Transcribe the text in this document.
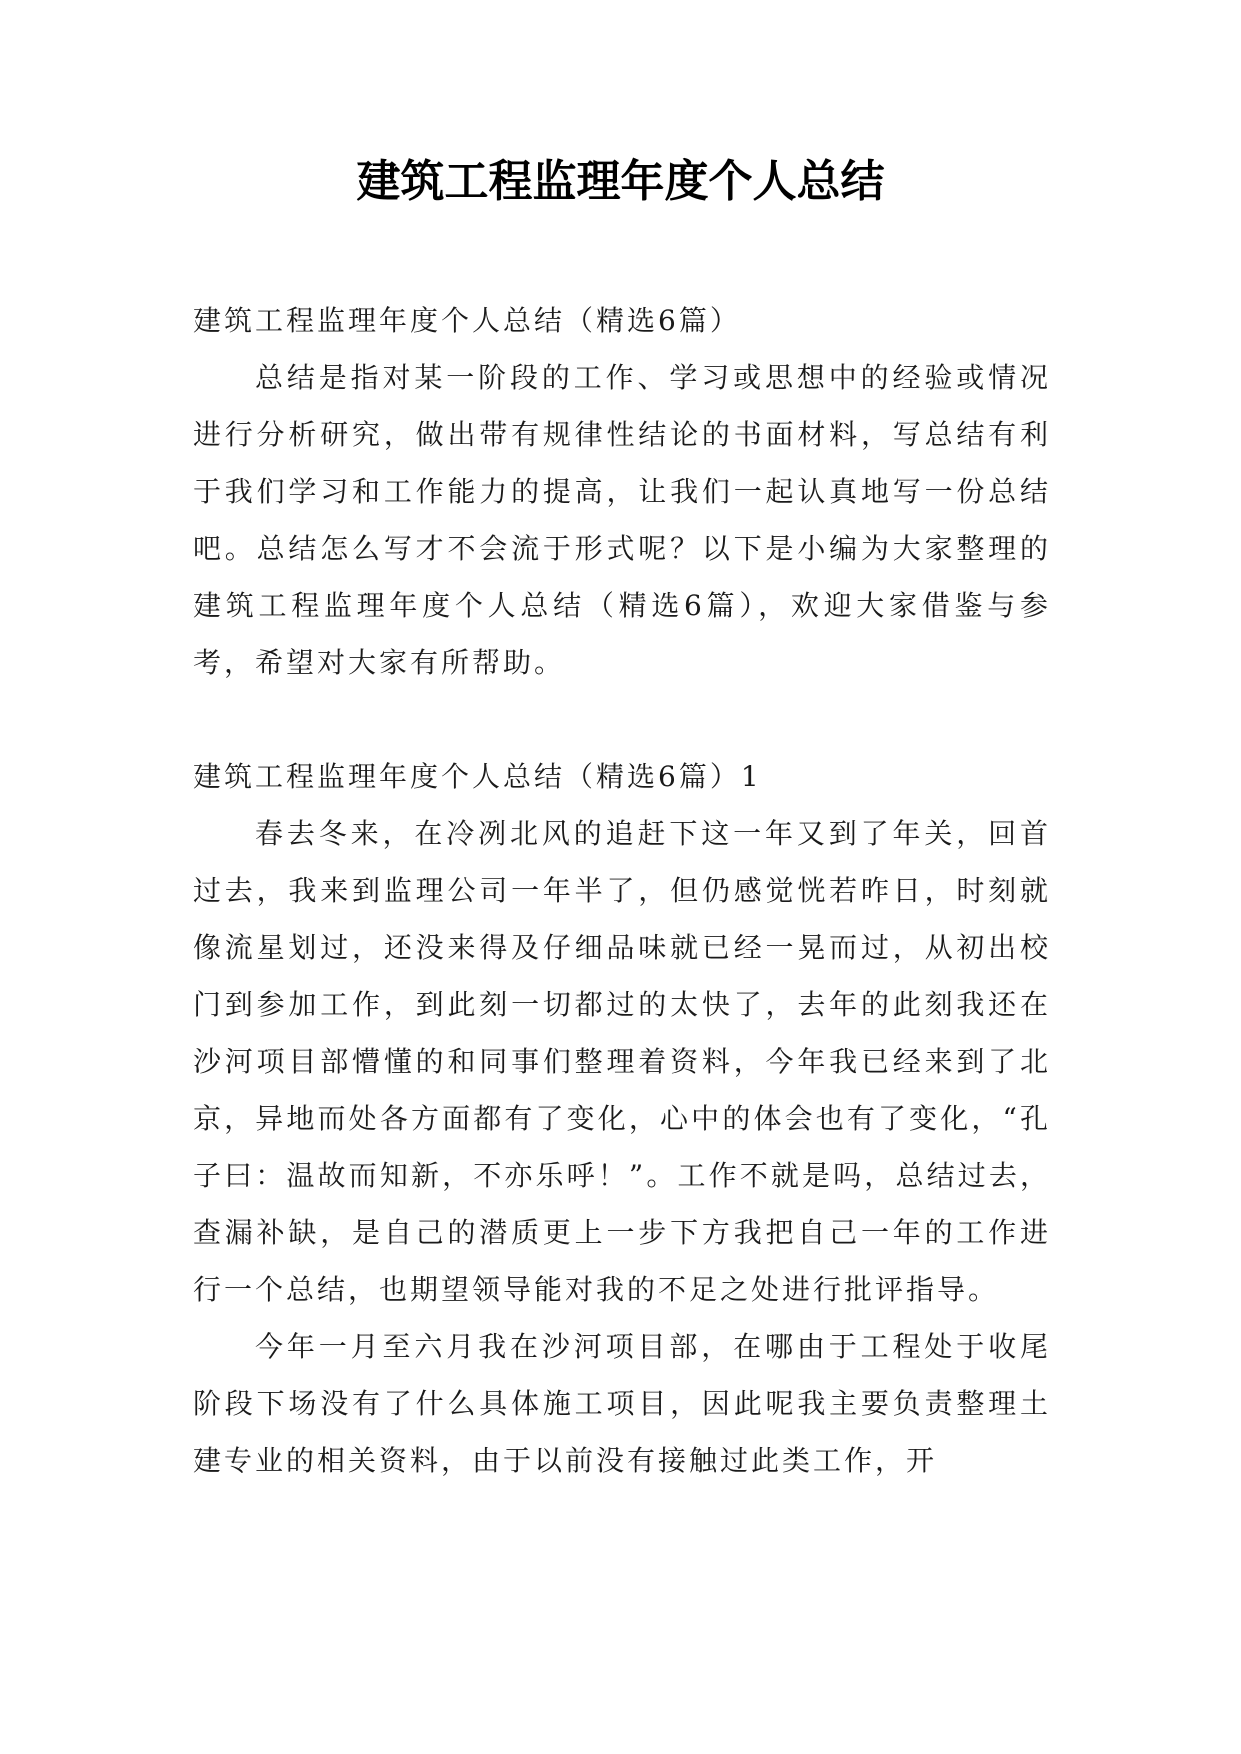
建筑工程监理年度个人总结

建筑工程监理年度个人总结（精选6篇）

总结是指对某一阶段的工作、学习或思想中的经验或情况进行分析研究，做出带有规律性结论的书面材料，写总结有利于我们学习和工作能力的提高，让我们一起认真地写一份总结吧。总结怎么写才不会流于形式呢？以下是小编为大家整理的建筑工程监理年度个人总结（精选6篇），欢迎大家借鉴与参考，希望对大家有所帮助。

建筑工程监理年度个人总结（精选6篇）1

春去冬来，在冷冽北风的追赶下这一年又到了年关，回首过去，我来到监理公司一年半了，但仍感觉恍若昨日，时刻就像流星划过，还没来得及仔细品味就已经一晃而过，从初出校门到参加工作，到此刻一切都过的太快了，去年的此刻我还在沙河项目部懵懂的和同事们整理着资料，今年我已经来到了北京，异地而处各方面都有了变化，心中的体会也有了变化，“孔子曰：温故而知新，不亦乐呼！”。工作不就是吗，总结过去，查漏补缺，是自己的潜质更上一步下方我把自己一年的工作进行一个总结，也期望领导能对我的不足之处进行批评指导。

今年一月至六月我在沙河项目部，在哪由于工程处于收尾阶段下场没有了什么具体施工项目，因此呢我主要负责整理土建专业的相关资料，由于以前没有接触过此类工作，开
